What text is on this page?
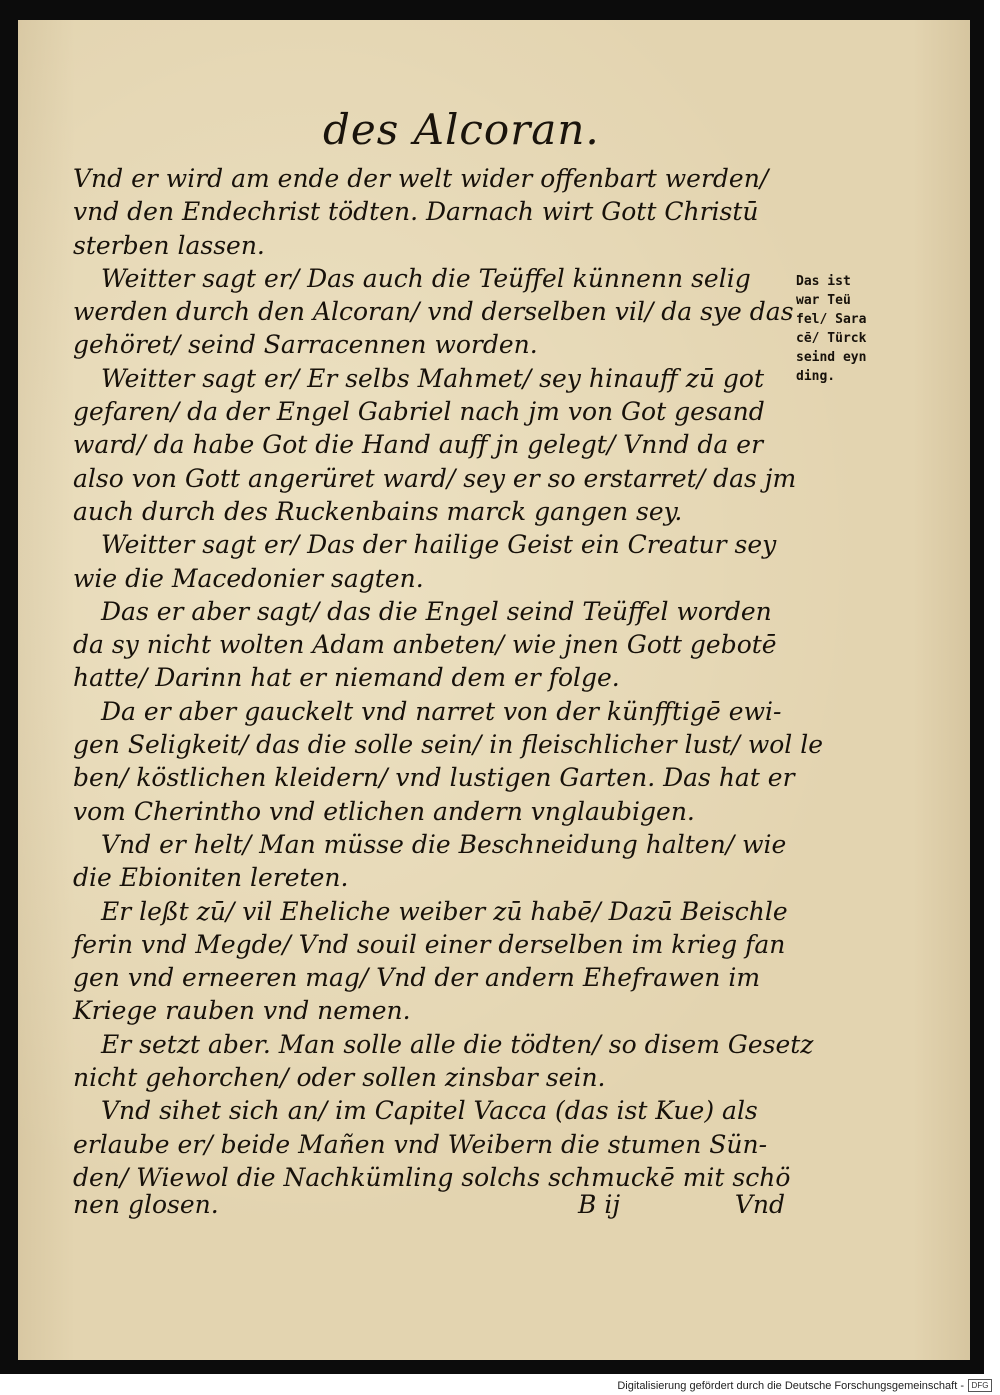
des Alcoran.
Vnd er wird am ende der welt wider offenbart werden/
vnd den Endechrist tödten. Darnach wirt Gott Christū
sterben lassen.
Weitter sagt er/ Das auch die Teüffel künnenn selig
werden durch den Alcoran/ vnd derselben vil/ da sye das
gehöret/ seind Sarracennen worden.
Weitter sagt er/ Er selbs Mahmet/ sey hinauff zū got
gefaren/ da der Engel Gabriel nach jm von Got gesand
ward/ da habe Got die Hand auff jn gelegt/ Vnnd da er
also von Gott angerüret ward/ sey er so erstarret/ das jm
auch durch des Ruckenbains marck gangen sey.
Weitter sagt er/ Das der hailige Geist ein Creatur sey
wie die Macedonier sagten.
Das er aber sagt/ das die Engel seind Teüffel worden
da sy nicht wolten Adam anbeten/ wie jnen Gott gebotē
hatte/ Darinn hat er niemand dem er folge.
Da er aber gauckelt vnd narret von der künfftigē ewi-
gen Seligkeit/ das die solle sein/ in fleischlicher lust/ wol le
ben/ köstlichen kleidern/ vnd lustigen Garten. Das hat er
vom Cherintho vnd etlichen andern vnglaubigen.
Vnd er helt/ Man müsse die Beschneidung halten/ wie
die Ebioniten lereten.
Er leßt zū/ vil Eheliche weiber zū habē/ Dazū Beischle
ferin vnd Megde/ Vnd souil einer derselben im krieg fan
gen vnd erneeren mag/ Vnd der andern Ehefrawen im
Kriege rauben vnd nemen.
Er setzt aber. Man solle alle die tödten/ so disem Gesetz
nicht gehorchen/ oder sollen zinsbar sein.
Vnd sihet sich an/ im Capitel Vacca (das ist Kue) als
erlaube er/ beide Mañen vnd Weibern die stumen Sün-
den/ Wiewol die Nachkümling solchs schmuckē mit schö
nen glosen.	B ij	Vnd
Das ist
war Teü
fel/ Sara
cē/ Türck
seind eyn
ding.
Digitalisierung gefördert durch die Deutsche Forschungsgemeinschaft - DFG
